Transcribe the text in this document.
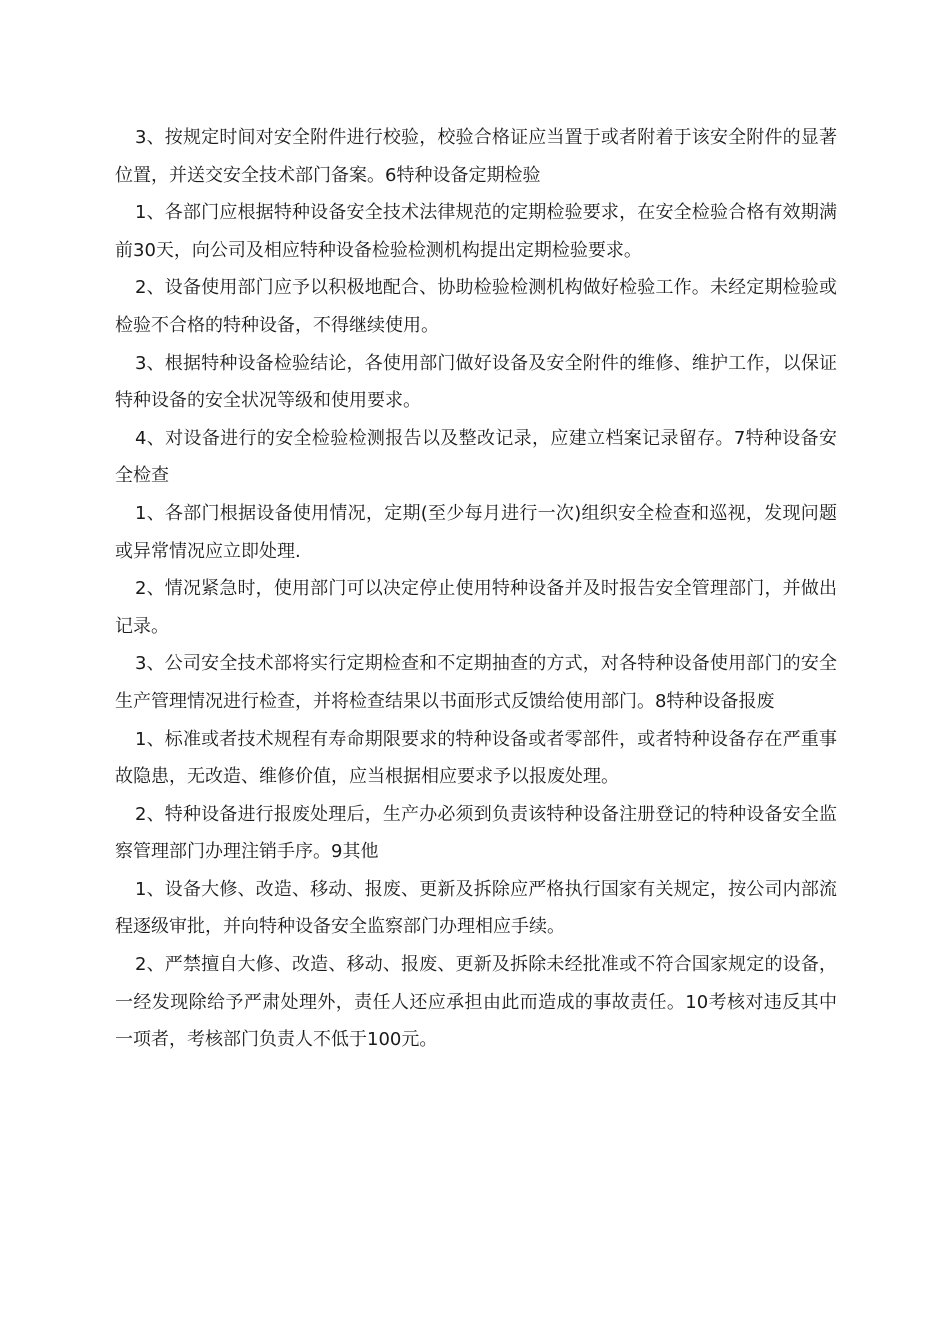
3、按规定时间对安全附件进行校验，校验合格证应当置于或者附着于该安全附件的显著位置，并送交安全技术部门备案。6特种设备定期检验

1、各部门应根据特种设备安全技术法律规范的定期检验要求，在安全检验合格有效期满前30天，向公司及相应特种设备检验检测机构提出定期检验要求。

2、设备使用部门应予以积极地配合、协助检验检测机构做好检验工作。未经定期检验或检验不合格的特种设备，不得继续使用。

3、根据特种设备检验结论，各使用部门做好设备及安全附件的维修、维护工作，以保证特种设备的安全状况等级和使用要求。

4、对设备进行的安全检验检测报告以及整改记录，应建立档案记录留存。7特种设备安全检查

1、各部门根据设备使用情况，定期(至少每月进行一次)组织安全检查和巡视，发现问题或异常情况应立即处理.

2、情况紧急时，使用部门可以决定停止使用特种设备并及时报告安全管理部门，并做出记录。

3、公司安全技术部将实行定期检查和不定期抽查的方式，对各特种设备使用部门的安全生产管理情况进行检查，并将检查结果以书面形式反馈给使用部门。8特种设备报废

1、标准或者技术规程有寿命期限要求的特种设备或者零部件，或者特种设备存在严重事故隐患，无改造、维修价值，应当根据相应要求予以报废处理。

2、特种设备进行报废处理后，生产办必须到负责该特种设备注册登记的特种设备安全监察管理部门办理注销手序。9其他

1、设备大修、改造、移动、报废、更新及拆除应严格执行国家有关规定，按公司内部流程逐级审批，并向特种设备安全监察部门办理相应手续。

2、严禁擅自大修、改造、移动、报废、更新及拆除未经批准或不符合国家规定的设备，一经发现除给予严肃处理外，责任人还应承担由此而造成的事故责任。10考核对违反其中一项者，考核部门负责人不低于100元。
